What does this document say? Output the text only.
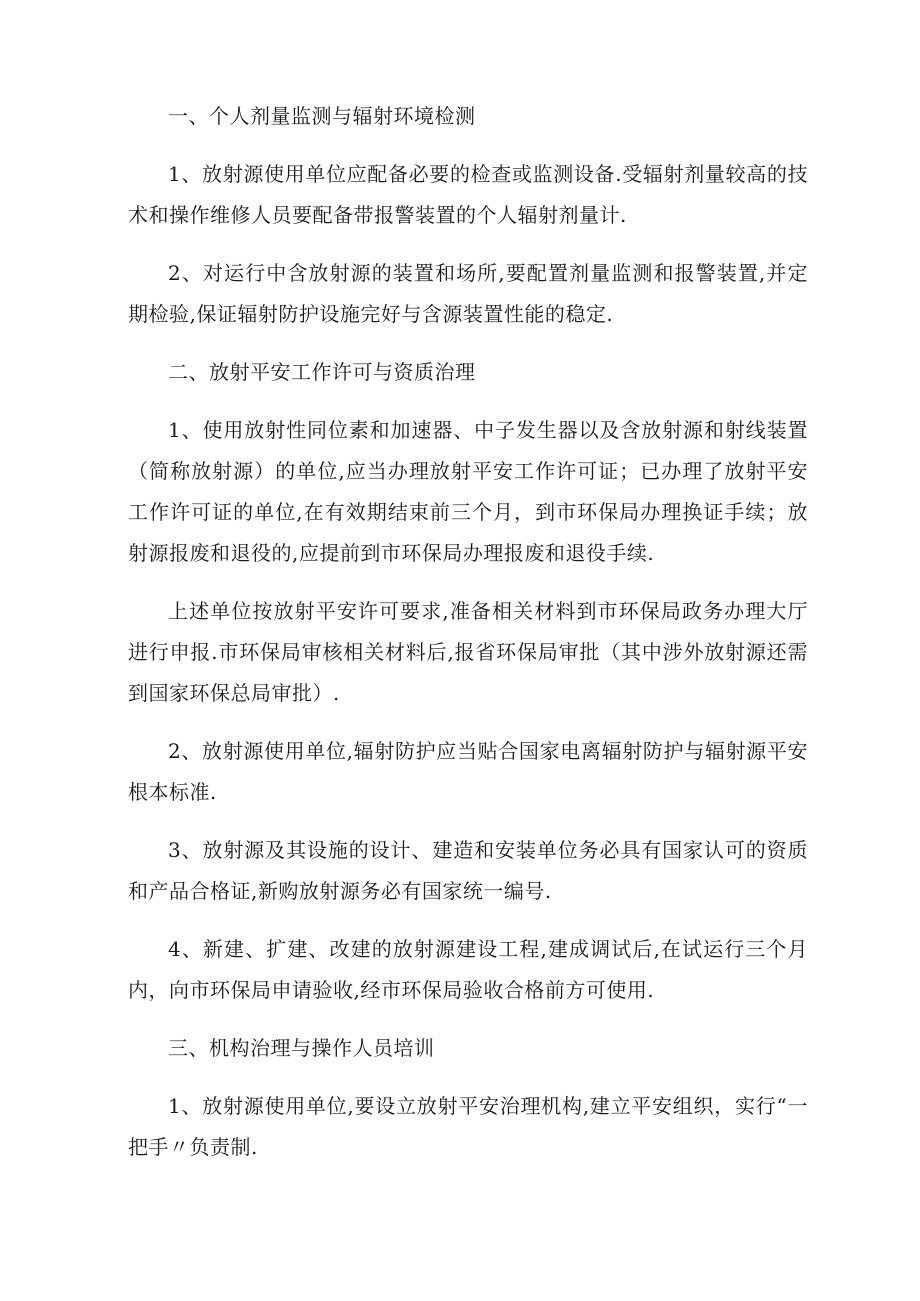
一、个人剂量监测与辐射环境检测

1、放射源使用单位应配备必要的检查或监测设备.受辐射剂量较高的技术和操作维修人员要配备带报警装置的个人辐射剂量计.

2、对运行中含放射源的装置和场所,要配置剂量监测和报警装置,并定期检验,保证辐射防护设施完好与含源装置性能的稳定.

二、放射平安工作许可与资质治理

1、使用放射性同位素和加速器、中子发生器以及含放射源和射线装置（简称放射源）的单位,应当办理放射平安工作许可证；已办理了放射平安工作许可证的单位,在有效期结束前三个月，到市环保局办理换证手续；放射源报废和退役的,应提前到市环保局办理报废和退役手续.

上述单位按放射平安许可要求,准备相关材料到市环保局政务办理大厅进行申报.市环保局审核相关材料后,报省环保局审批（其中涉外放射源还需到国家环保总局审批）.

2、放射源使用单位,辐射防护应当贴合国家电离辐射防护与辐射源平安根本标准.

3、放射源及其设施的设计、建造和安装单位务必具有国家认可的资质和产品合格证,新购放射源务必有国家统一编号.

4、新建、扩建、改建的放射源建设工程,建成调试后,在试运行三个月内，向市环保局申请验收,经市环保局验收合格前方可使用.

三、机构治理与操作人员培训

1、放射源使用单位,要设立放射平安治理机构,建立平安组织，实行“一把手〃负责制.
